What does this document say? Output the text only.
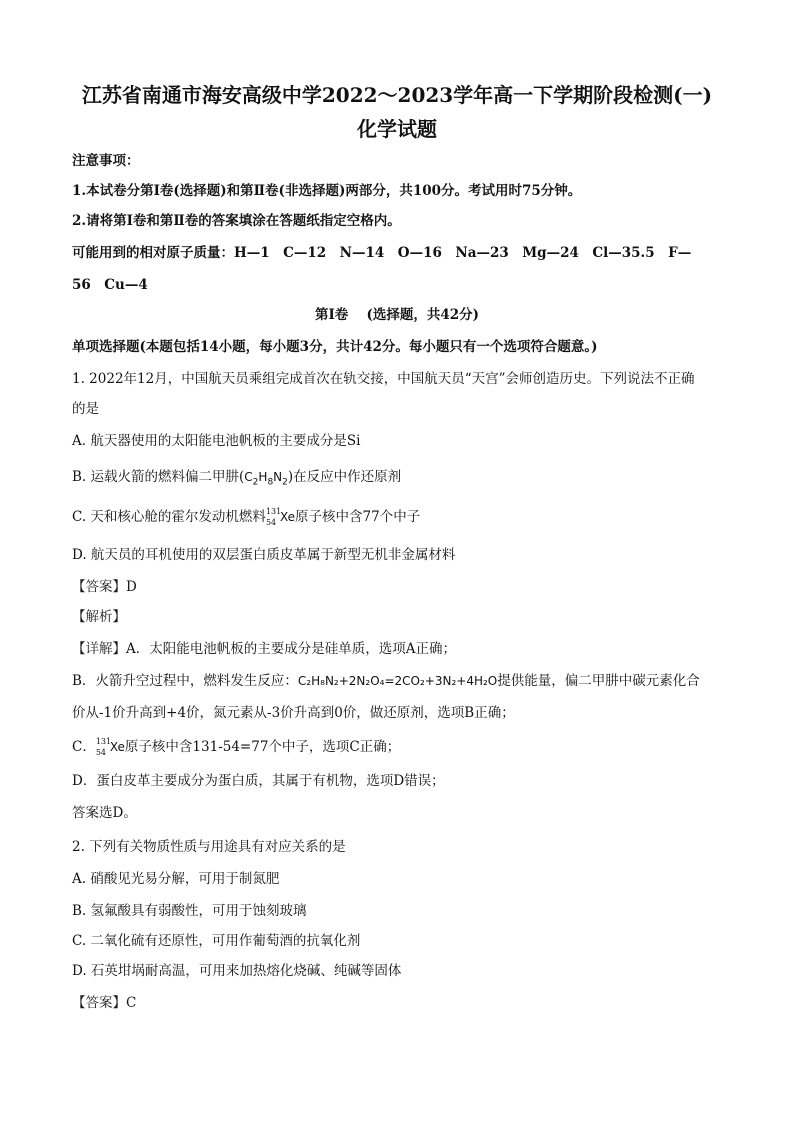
江苏省南通市海安高级中学2022～2023学年高一下学期阶段检测(一)
化学试题
注意事项：
1.本试卷分第Ⅰ卷(选择题)和第Ⅱ卷(非选择题)两部分，共100分。考试用时75分钟。
2.请将第Ⅰ卷和第Ⅱ卷的答案填涂在答题纸指定空格内。
可能用到的相对原子质量：H—1　C—12　N—14　O—16　Na—23　Mg—24　Cl—35.5　F—
56　Cu—4
第Ⅰ卷　 (选择题，共42分)
单项选择题(本题包括14小题，每小题3分，共计42分。每小题只有一个选项符合题意。)
1. 2022年12月，中国航天员乘组完成首次在轨交接，中国航天员“天宫”会师创造历史。下列说法不正确
的是
A. 航天器使用的太阳能电池帆板的主要成分是Si
B. 运载火箭的燃料偏二甲肼$(C_2H_8N_2)$在反应中作还原剂
C. 天和核心舱的霍尔发动机燃料 131
54 Xe原子核中含77个中子
D. 航天员的耳机使用的双层蛋白质皮革属于新型无机非金属材料
【答案】D
【解析】
【详解】A．太阳能电池帆板的主要成分是硅单质，选项A正确；
B．火箭升空过程中，燃料发生反应：C₂H₈N₂+2N₂O₄=2CO₂+3N₂+4H₂O提供能量，偏二甲肼中碳元素化合
价从-1价升高到+4价，氮元素从-3价升高到0价，做还原剂，选项B正确；
C． 131
54 Xe原子核中含131-54=77个中子，选项C正确；
D．蛋白皮革主要成分为蛋白质，其属于有机物，选项D错误；
答案选D。
2. 下列有关物质性质与用途具有对应关系的是
A. 硝酸见光易分解，可用于制氮肥
B. 氢氟酸具有弱酸性，可用于蚀刻玻璃
C. 二氧化硫有还原性，可用作葡萄酒的抗氧化剂
D. 石英坩埚耐高温，可用来加热熔化烧碱、纯碱等固体
【答案】C
